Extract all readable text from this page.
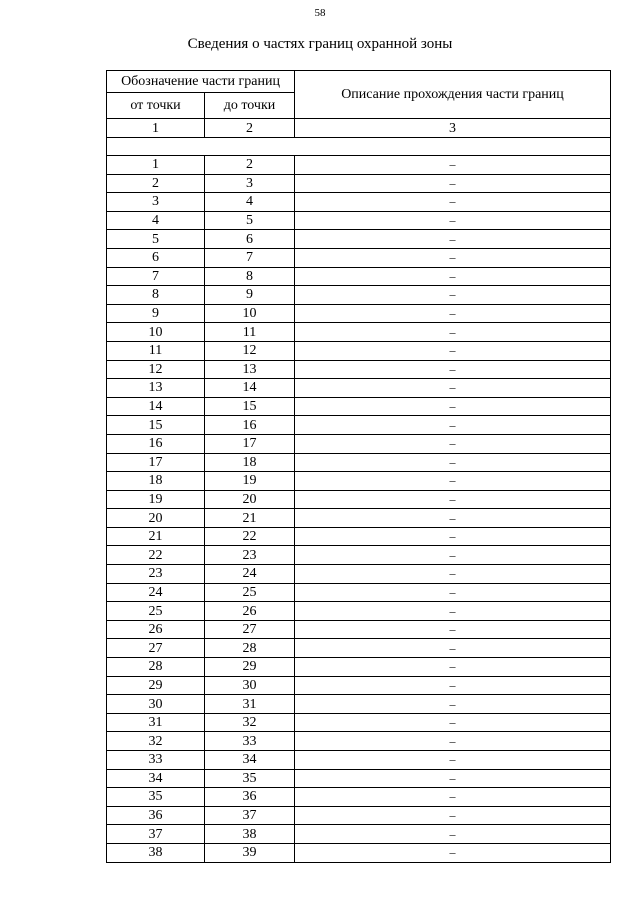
58
Сведения о частях границ охранной зоны
Обозначение части границ		Описание прохождения части границ
от точки	до точки	
1	2	3

1	2	–
2	3	–
3	4	–
4	5	–
5	6	–
6	7	–
7	8	–
8	9	–
9	10	–
10	11	–
11	12	–
12	13	–
13	14	–
14	15	–
15	16	–
16	17	–
17	18	–
18	19	–
19	20	–
20	21	–
21	22	–
22	23	–
23	24	–
24	25	–
25	26	–
26	27	–
27	28	–
28	29	–
29	30	–
30	31	–
31	32	–
32	33	–
33	34	–
34	35	–
35	36	–
36	37	–
37	38	–
38	39	–
